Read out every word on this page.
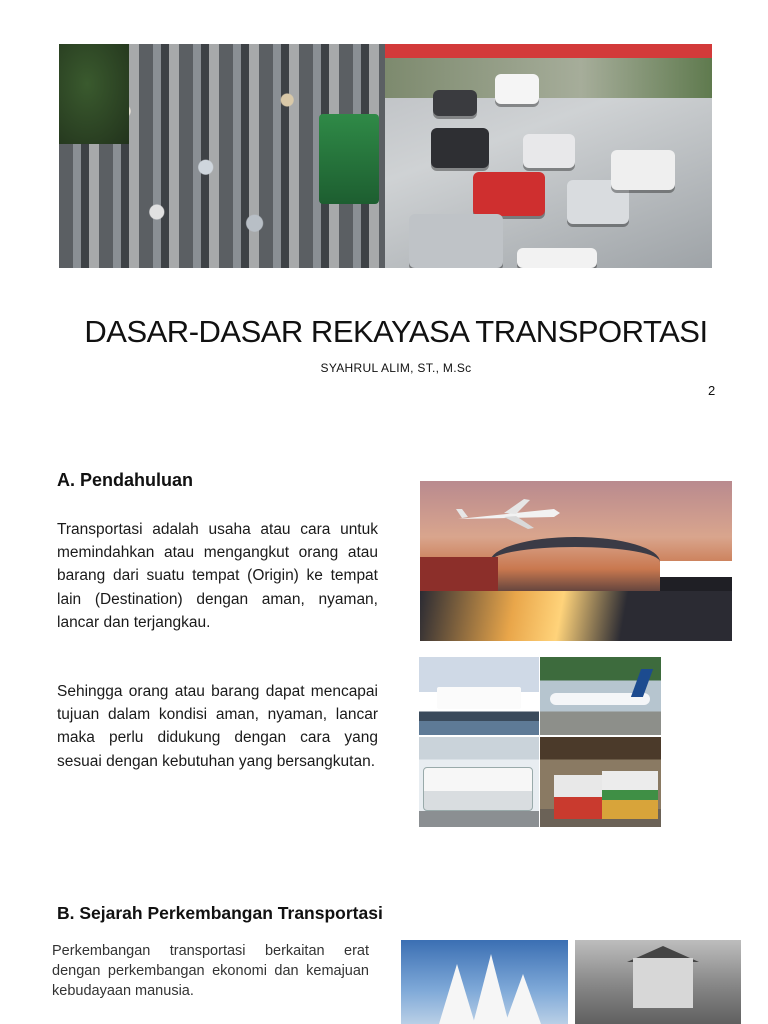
DASAR-DASAR REKAYASA TRANSPORTASI
SYAHRUL ALIM, ST., M.Sc
2
A. Pendahuluan
Transportasi adalah usaha atau cara untuk memindahkan atau mengangkut orang atau barang dari suatu tempat (Origin) ke tempat lain (Destination) dengan aman, nyaman, lancar dan terjangkau.
Sehingga orang atau barang dapat mencapai tujuan dalam kondisi aman, nyaman, lancar maka perlu didukung dengan cara yang sesuai dengan kebutuhan yang bersangkutan.
B. Sejarah Perkembangan Transportasi
Perkembangan transportasi berkaitan erat dengan perkembangan ekonomi dan kemajuan kebudayaan manusia.
